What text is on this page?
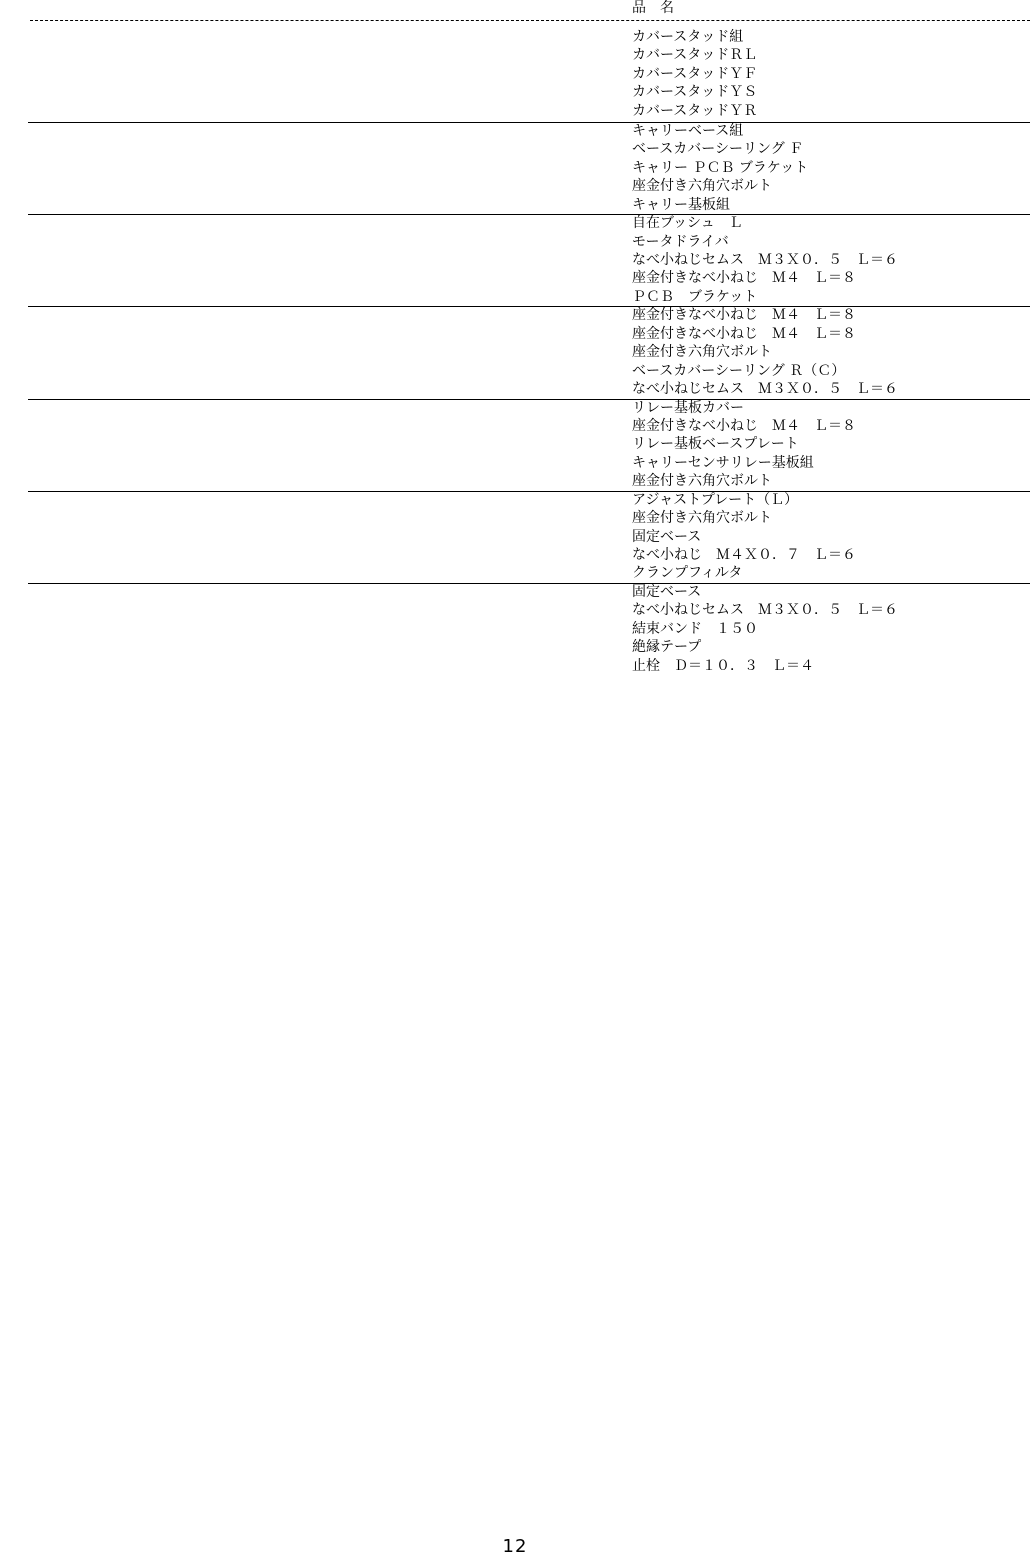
品　名
カバースタッド組
カバースタッドＲＬ
カバースタッドＹＦ
カバースタッドＹＳ
カバースタッドＹＲ
キャリーベース組
ベースカバーシーリング Ｆ
キャリー ＰＣＢ ブラケット
座金付き六角穴ボルト
キャリー基板組
自在ブッシュ　Ｌ
モータドライバ
なべ小ねじセムス　Ｍ３Ｘ０．５　Ｌ＝６
座金付きなべ小ねじ　Ｍ４　Ｌ＝８
ＰＣＢ　ブラケット
座金付きなべ小ねじ　Ｍ４　Ｌ＝８
座金付きなべ小ねじ　Ｍ４　Ｌ＝８
座金付き六角穴ボルト
ベースカバーシーリング Ｒ（Ｃ）
なべ小ねじセムス　Ｍ３Ｘ０．５　Ｌ＝６
リレー基板カバー
座金付きなべ小ねじ　Ｍ４　Ｌ＝８
リレー基板ベースプレート
キャリーセンサリレー基板組
座金付き六角穴ボルト
アジャストプレート（Ｌ）
座金付き六角穴ボルト
固定ベース
なべ小ねじ　Ｍ４Ｘ０．７　Ｌ＝６
クランプフィルタ
固定ベース
なべ小ねじセムス　Ｍ３Ｘ０．５　Ｌ＝６
結束バンド　１５０
絶縁テープ
止栓　Ｄ＝１０．３　Ｌ＝４
12
